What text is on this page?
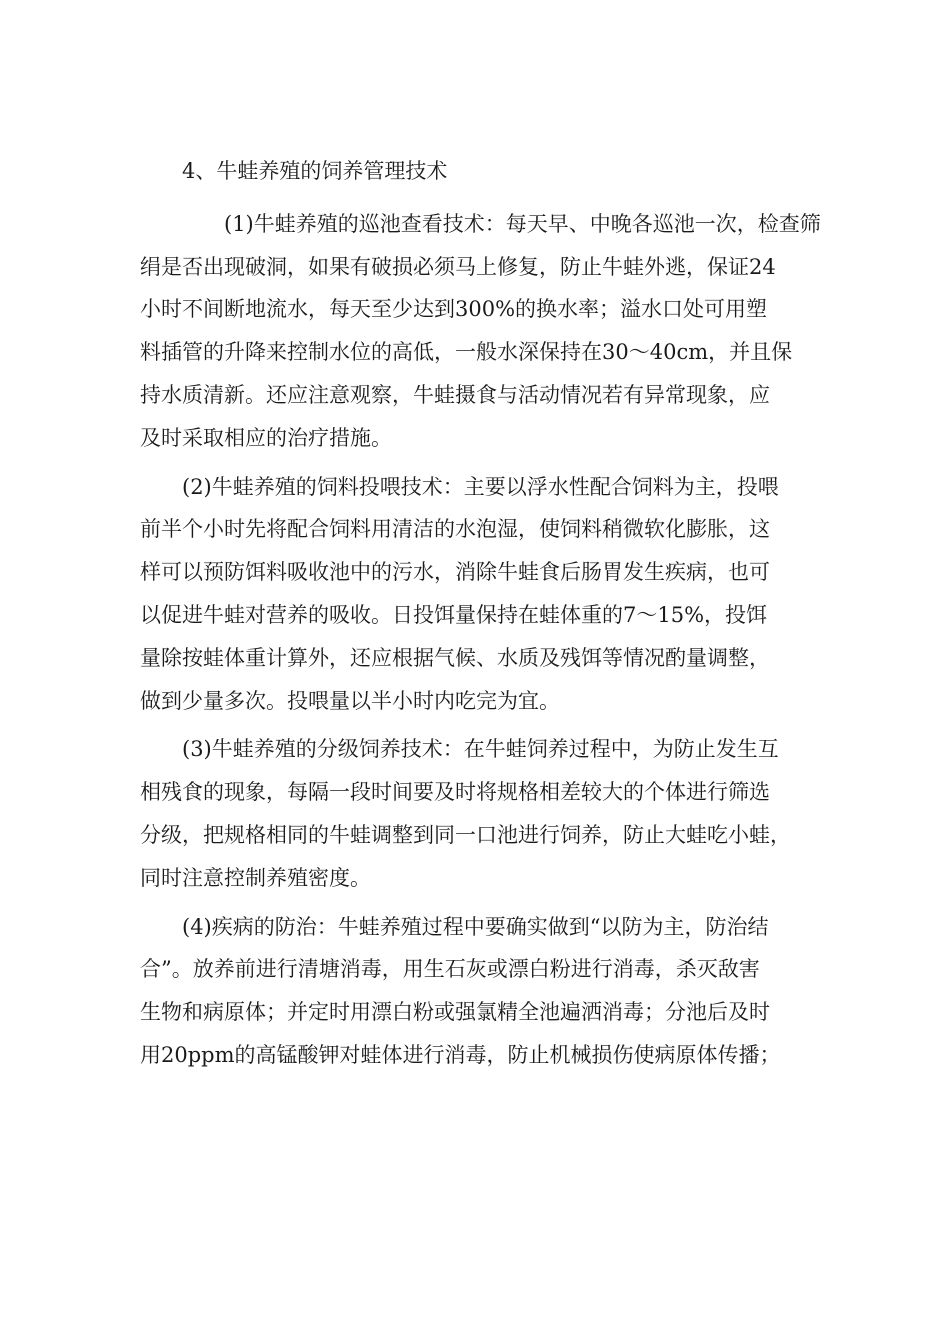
4、牛蛙养殖的饲养管理技术

(1)牛蛙养殖的巡池查看技术：每天早、中晚各巡池一次，检查筛
绢是否出现破洞，如果有破损必须马上修复，防止牛蛙外逃，保证24
小时不间断地流水，每天至少达到300%的换水率；溢水口处可用塑
料插管的升降来控制水位的高低，一般水深保持在30～40cm，并且保
持水质清新。还应注意观察，牛蛙摄食与活动情况若有异常现象，应
及时采取相应的治疗措施。

(2)牛蛙养殖的饲料投喂技术：主要以浮水性配合饲料为主，投喂
前半个小时先将配合饲料用清洁的水泡湿，使饲料稍微软化膨胀，这
样可以预防饵料吸收池中的污水，消除牛蛙食后肠胃发生疾病，也可
以促进牛蛙对营养的吸收。日投饵量保持在蛙体重的7～15%，投饵
量除按蛙体重计算外，还应根据气候、水质及残饵等情况酌量调整，
做到少量多次。投喂量以半小时内吃完为宜。

(3)牛蛙养殖的分级饲养技术：在牛蛙饲养过程中，为防止发生互
相残食的现象，每隔一段时间要及时将规格相差较大的个体进行筛选
分级，把规格相同的牛蛙调整到同一口池进行饲养，防止大蛙吃小蛙，
同时注意控制养殖密度。

(4)疾病的防治：牛蛙养殖过程中要确实做到“以防为主，防治结
合”。放养前进行清塘消毒，用生石灰或漂白粉进行消毒，杀灭敌害
生物和病原体；并定时用漂白粉或强氯精全池遍洒消毒；分池后及时
用20ppm的高锰酸钾对蛙体进行消毒，防止机械损伤使病原体传播；
